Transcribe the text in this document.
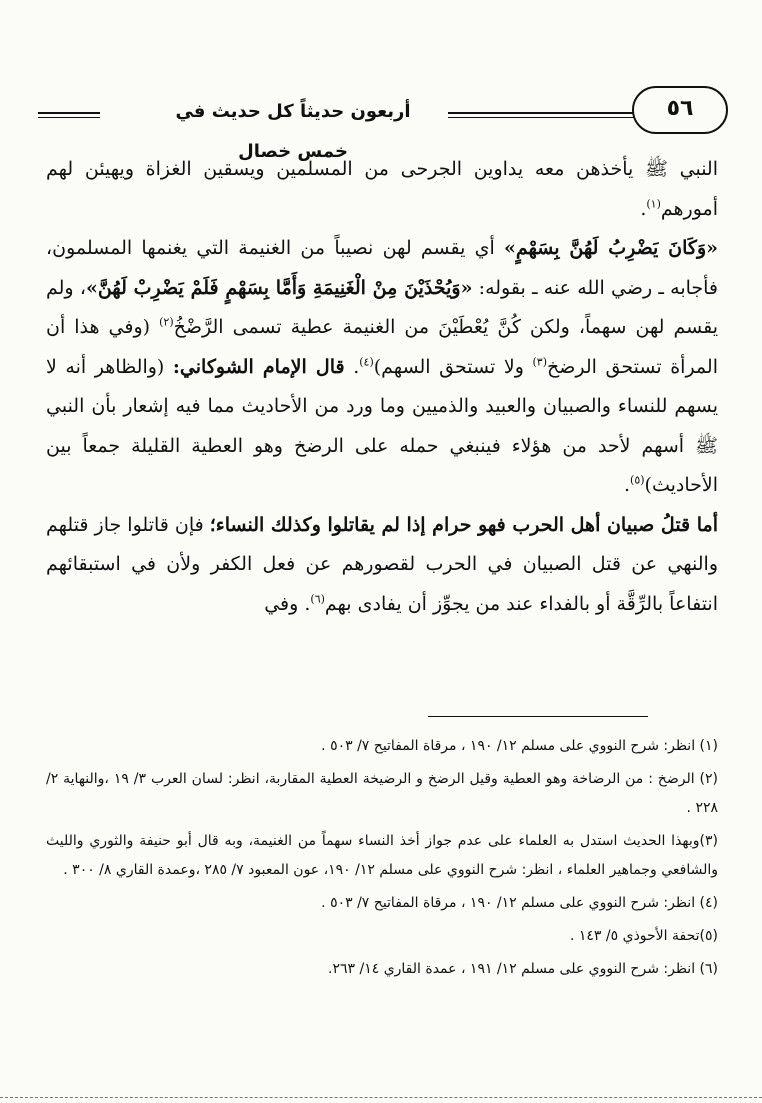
أربعون حديثاً كل حديث في خمس خصال
٥٦

النبي ﷺ يأخذهن معه يداوين الجرحى من المسلمين ويسقين الغزاة ويهيئن لهم أمورهم$^{(١)}$.

«وَكَانَ يَضْرِبُ لَهُنَّ بِسَهْمٍ» أي يقسم لهن نصيباً من الغنيمة التي يغنمها المسلمون، فأجابه ـ رضي الله عنه ـ بقوله: «وَيُحْذَيْنَ مِنْ الْغَنِيمَةِ وَأَمَّا بِسَهْمٍ فَلَمْ يَضْرِبْ لَهُنَّ»، ولم يقسم لهن سهماً، ولكن كُنَّ يُعْطَيْنَ من الغنيمة عطية تسمى الرَّضْخُ$^{(٢)}$ (وفي هذا أن المرأة تستحق الرضخ$^{(٣)}$ ولا تستحق السهم)$^{(٤)}$. قال الإمام الشوكاني: (والظاهر أنه لا يسهم للنساء والصبيان والعبيد والذميين وما ورد من الأحاديث مما فيه إشعار بأن النبي ﷺ أسهم لأحد من هؤلاء فينبغي حمله على الرضخ وهو العطية القليلة جمعاً بين الأحاديث)$^{(٥)}$.

أما قتلُ صبيان أهل الحرب فهو حرام إذا لم يقاتلوا وكذلك النساء؛ فإن قاتلوا جاز قتلهم والنهي عن قتل الصبيان في الحرب لقصورهم عن فعل الكفر ولأن في استبقائهم انتفاعاً بالرِّقَّة أو بالفداء عند من يجوِّز أن يفادى بهم$^{(٦)}$. وفي

(١) انظر: شرح النووي على مسلم ١٢/ ١٩٠ ، مرقاة المفاتيح ٧/ ٥٠٣ .

(٢) الرضخ : من الرضاخة وهو العطية وقيل الرضخ و الرضيخة العطية المقاربة، انظر: لسان العرب ٣/ ١٩ ،والنهاية ٢/ ٢٢٨ .

(٣)وبهذا الحديث استدل به العلماء على عدم جواز أخذ النساء سهماً من الغنيمة، وبه قال أبو حنيفة والثوري والليث والشافعي وجماهير العلماء ، انظر: شرح النووي على مسلم ١٢/ ١٩٠، عون المعبود ٧/ ٢٨٥ ،وعمدة القاري ٨/ ٣٠٠ .

(٤) انظر: شرح النووي على مسلم ١٢/ ١٩٠ ، مرقاة المفاتيح ٧/ ٥٠٣ .

(٥)تحفة الأحوذي ٥/ ١٤٣ .

(٦) انظر: شرح النووي على مسلم ١٢/ ١٩١ ، عمدة القاري ١٤/ ٢٦٣.
